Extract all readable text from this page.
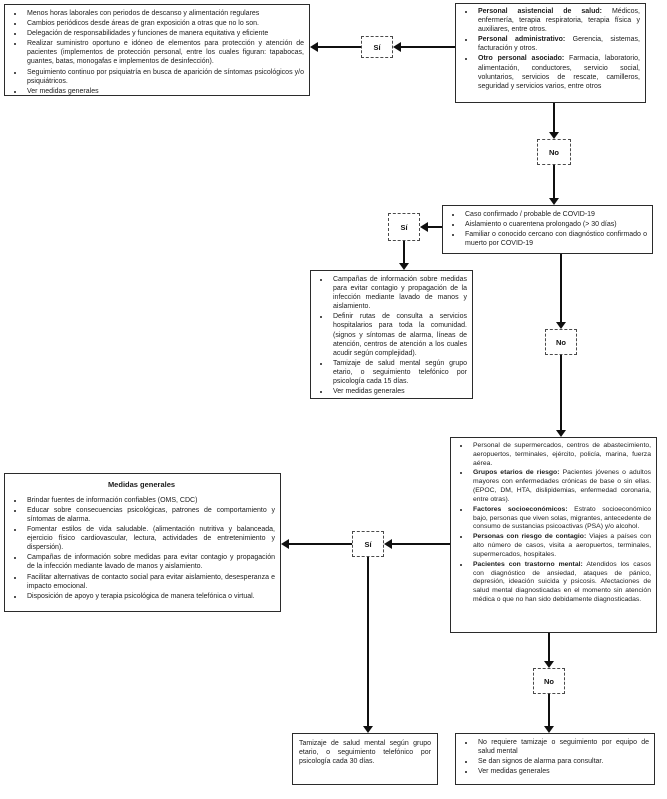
• Menos horas laborales con periodos de descanso y alimentación regulares
• Cambios periódicos desde áreas de gran exposición a otras que no lo son.
• Delegación de responsabilidades y funciones de manera equitativa y eficiente
• Realizar suministro oportuno e idóneo de elementos para protección y atención de pacientes (implementos de protección personal, entre los cuales figuran: tapabocas, guantes, batas, monogafas e implementos de desinfección).
• Seguimiento continuo por psiquiatría en busca de aparición de síntomas psicológicos y/o psiquiátricos.
• Ver medidas generales
• Personal asistencial de salud: Médicos, enfermería, terapia respiratoria, terapia física y auxiliares, entre otros.
• Personal administrativo: Gerencia, sistemas, facturación y otros.
• Otro personal asociado: Farmacia, laboratorio, alimentación, conductores, servicio social, voluntarios, servicios de rescate, camilleros, seguridad y servicios varios, entre otros
• Caso confirmado / probable de COVID-19
• Aislamiento o cuarentena prolongado (> 30 días)
• Familiar o conocido cercano con diagnóstico confirmado o muerto por COVID-19
• Campañas de información sobre medidas para evitar contagio y propagación de la infección mediante lavado de manos y aislamiento.
• Definir rutas de consulta a servicios hospitalarios para toda la comunidad. (signos y síntomas de alarma, líneas de atención, centros de atención a los cuales acudir según complejidad).
• Tamizaje de salud mental según grupo etario, o seguimiento telefónico por psicología cada 15 días.
• Ver medidas generales
• Personal de supermercados, centros de abastecimiento, aeropuertos, terminales, ejército, policía, marina, fuerza aérea.
• Grupos etarios de riesgo: Pacientes jóvenes o adultos mayores con enfermedades crónicas de base o sin ellas. (EPOC, DM, HTA, dislipidemias, enfermedad coronaria, entre otras).
• Factores socioeconómicos: Estrato socioeconómico bajo, personas que viven solas, migrantes, antecedente de consumo de sustancias psicoactivas (PSA) y/o alcohol.
• Personas con riesgo de contagio: Viajes a países con alto número de casos, visita a aeropuertos, terminales, supermercados, hospitales.
• Pacientes con trastorno mental: Atendidos los casos con diagnóstico de ansiedad, ataques de pánico, depresión, ideación suicida y psicosis. Afectaciones de salud mental diagnosticadas en el momento sin atención médica o que no han sido debidamente diagnosticadas.
Medidas generales
• Brindar fuentes de información confiables (OMS, CDC)
• Educar sobre consecuencias psicológicas, patrones de comportamiento y síntomas de alarma.
• Fomentar estilos de vida saludable. (alimentación nutritiva y balanceada, ejercicio físico cardiovascular, lectura, actividades de entretenimiento y dispersión).
• Campañas de información sobre medidas para evitar contagio y propagación de la infección mediante lavado de manos y aislamiento.
• Facilitar alternativas de contacto social para evitar aislamiento, desesperanza e impacto emocional.
• Disposición de apoyo y terapia psicológica de manera telefónica o virtual.
Tamizaje de salud mental según grupo etario, o seguimiento telefónico por psicología cada 30 días.
• No requiere tamizaje o seguimiento por equipo de salud mental
• Se dan signos de alarma para consultar.
• Ver medidas generales
Sí
No
Sí
No
Sí
No
